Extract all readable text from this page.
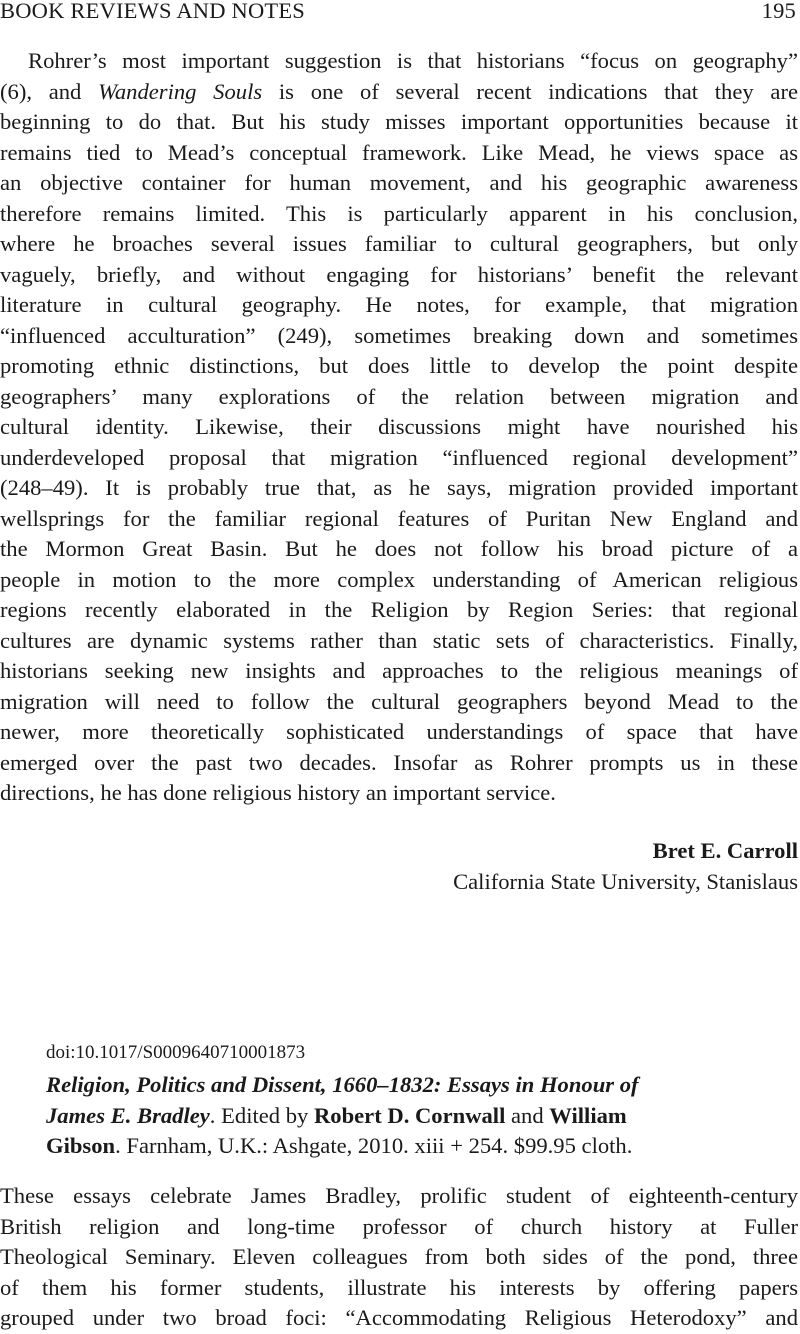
BOOK REVIEWS AND NOTES	195
Rohrer’s most important suggestion is that historians “focus on geography”
(6), and Wandering Souls is one of several recent indications that they are
beginning to do that. But his study misses important opportunities because it
remains tied to Mead’s conceptual framework. Like Mead, he views space as
an objective container for human movement, and his geographic awareness
therefore remains limited. This is particularly apparent in his conclusion,
where he broaches several issues familiar to cultural geographers, but only
vaguely, briefly, and without engaging for historians’ benefit the relevant
literature in cultural geography. He notes, for example, that migration
“influenced acculturation” (249), sometimes breaking down and sometimes
promoting ethnic distinctions, but does little to develop the point despite
geographers’ many explorations of the relation between migration and
cultural identity. Likewise, their discussions might have nourished his
underdeveloped proposal that migration “influenced regional development”
(248–49). It is probably true that, as he says, migration provided important
wellsprings for the familiar regional features of Puritan New England and
the Mormon Great Basin. But he does not follow his broad picture of a
people in motion to the more complex understanding of American religious
regions recently elaborated in the Religion by Region Series: that regional
cultures are dynamic systems rather than static sets of characteristics. Finally,
historians seeking new insights and approaches to the religious meanings of
migration will need to follow the cultural geographers beyond Mead to the
newer, more theoretically sophisticated understandings of space that have
emerged over the past two decades. Insofar as Rohrer prompts us in these
directions, he has done religious history an important service.
Bret E. Carroll
California State University, Stanislaus
doi:10.1017/S0009640710001873
Religion, Politics and Dissent, 1660–1832: Essays in Honour of
James E. Bradley. Edited by Robert D. Cornwall and William
Gibson. Farnham, U.K.: Ashgate, 2010. xiii + 254. $99.95 cloth.
These essays celebrate James Bradley, prolific student of eighteenth-century
British religion and long-time professor of church history at Fuller
Theological Seminary. Eleven colleagues from both sides of the pond, three
of them his former students, illustrate his interests by offering papers
grouped under two broad foci: “Accommodating Religious Heterodoxy” and
